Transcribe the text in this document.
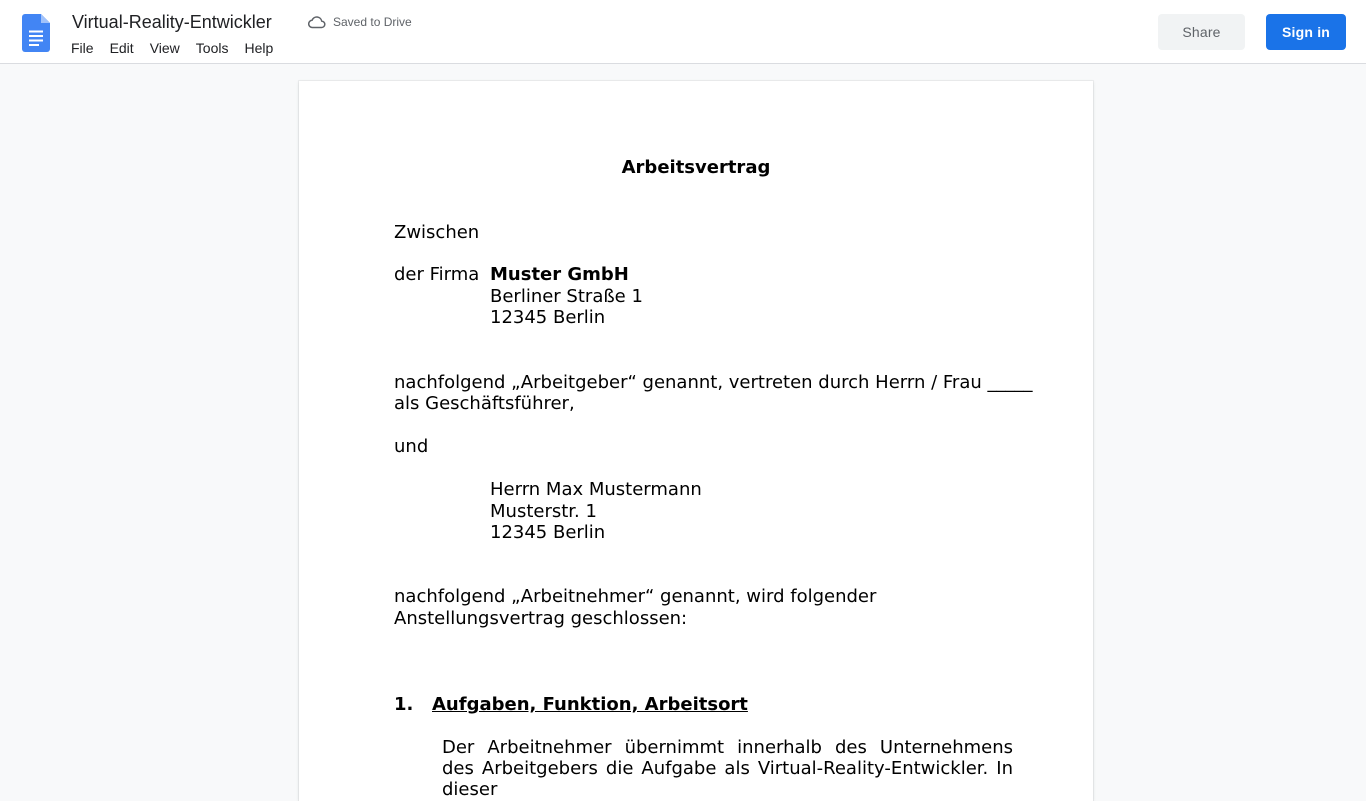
Virtual-Reality-Entwickler	Saved to Drive
File	Edit	View	Tools	Help
Share	Sign in
Arbeitsvertrag
Zwischen
der Firma Muster GmbH
Berliner Straße 1
12345 Berlin
nachfolgend „Arbeitgeber“ genannt, vertreten durch Herrn / Frau _____
als Geschäftsführer,
und
Herrn Max Mustermann
Musterstr. 1
12345 Berlin
nachfolgend „Arbeitnehmer“ genannt, wird folgender
Anstellungsvertrag geschlossen:
1. Aufgaben, Funktion, Arbeitsort
Der Arbeitnehmer übernimmt innerhalb des Unternehmens des Arbeitgebers die Aufgabe als Virtual-Reality-Entwickler. In dieser
